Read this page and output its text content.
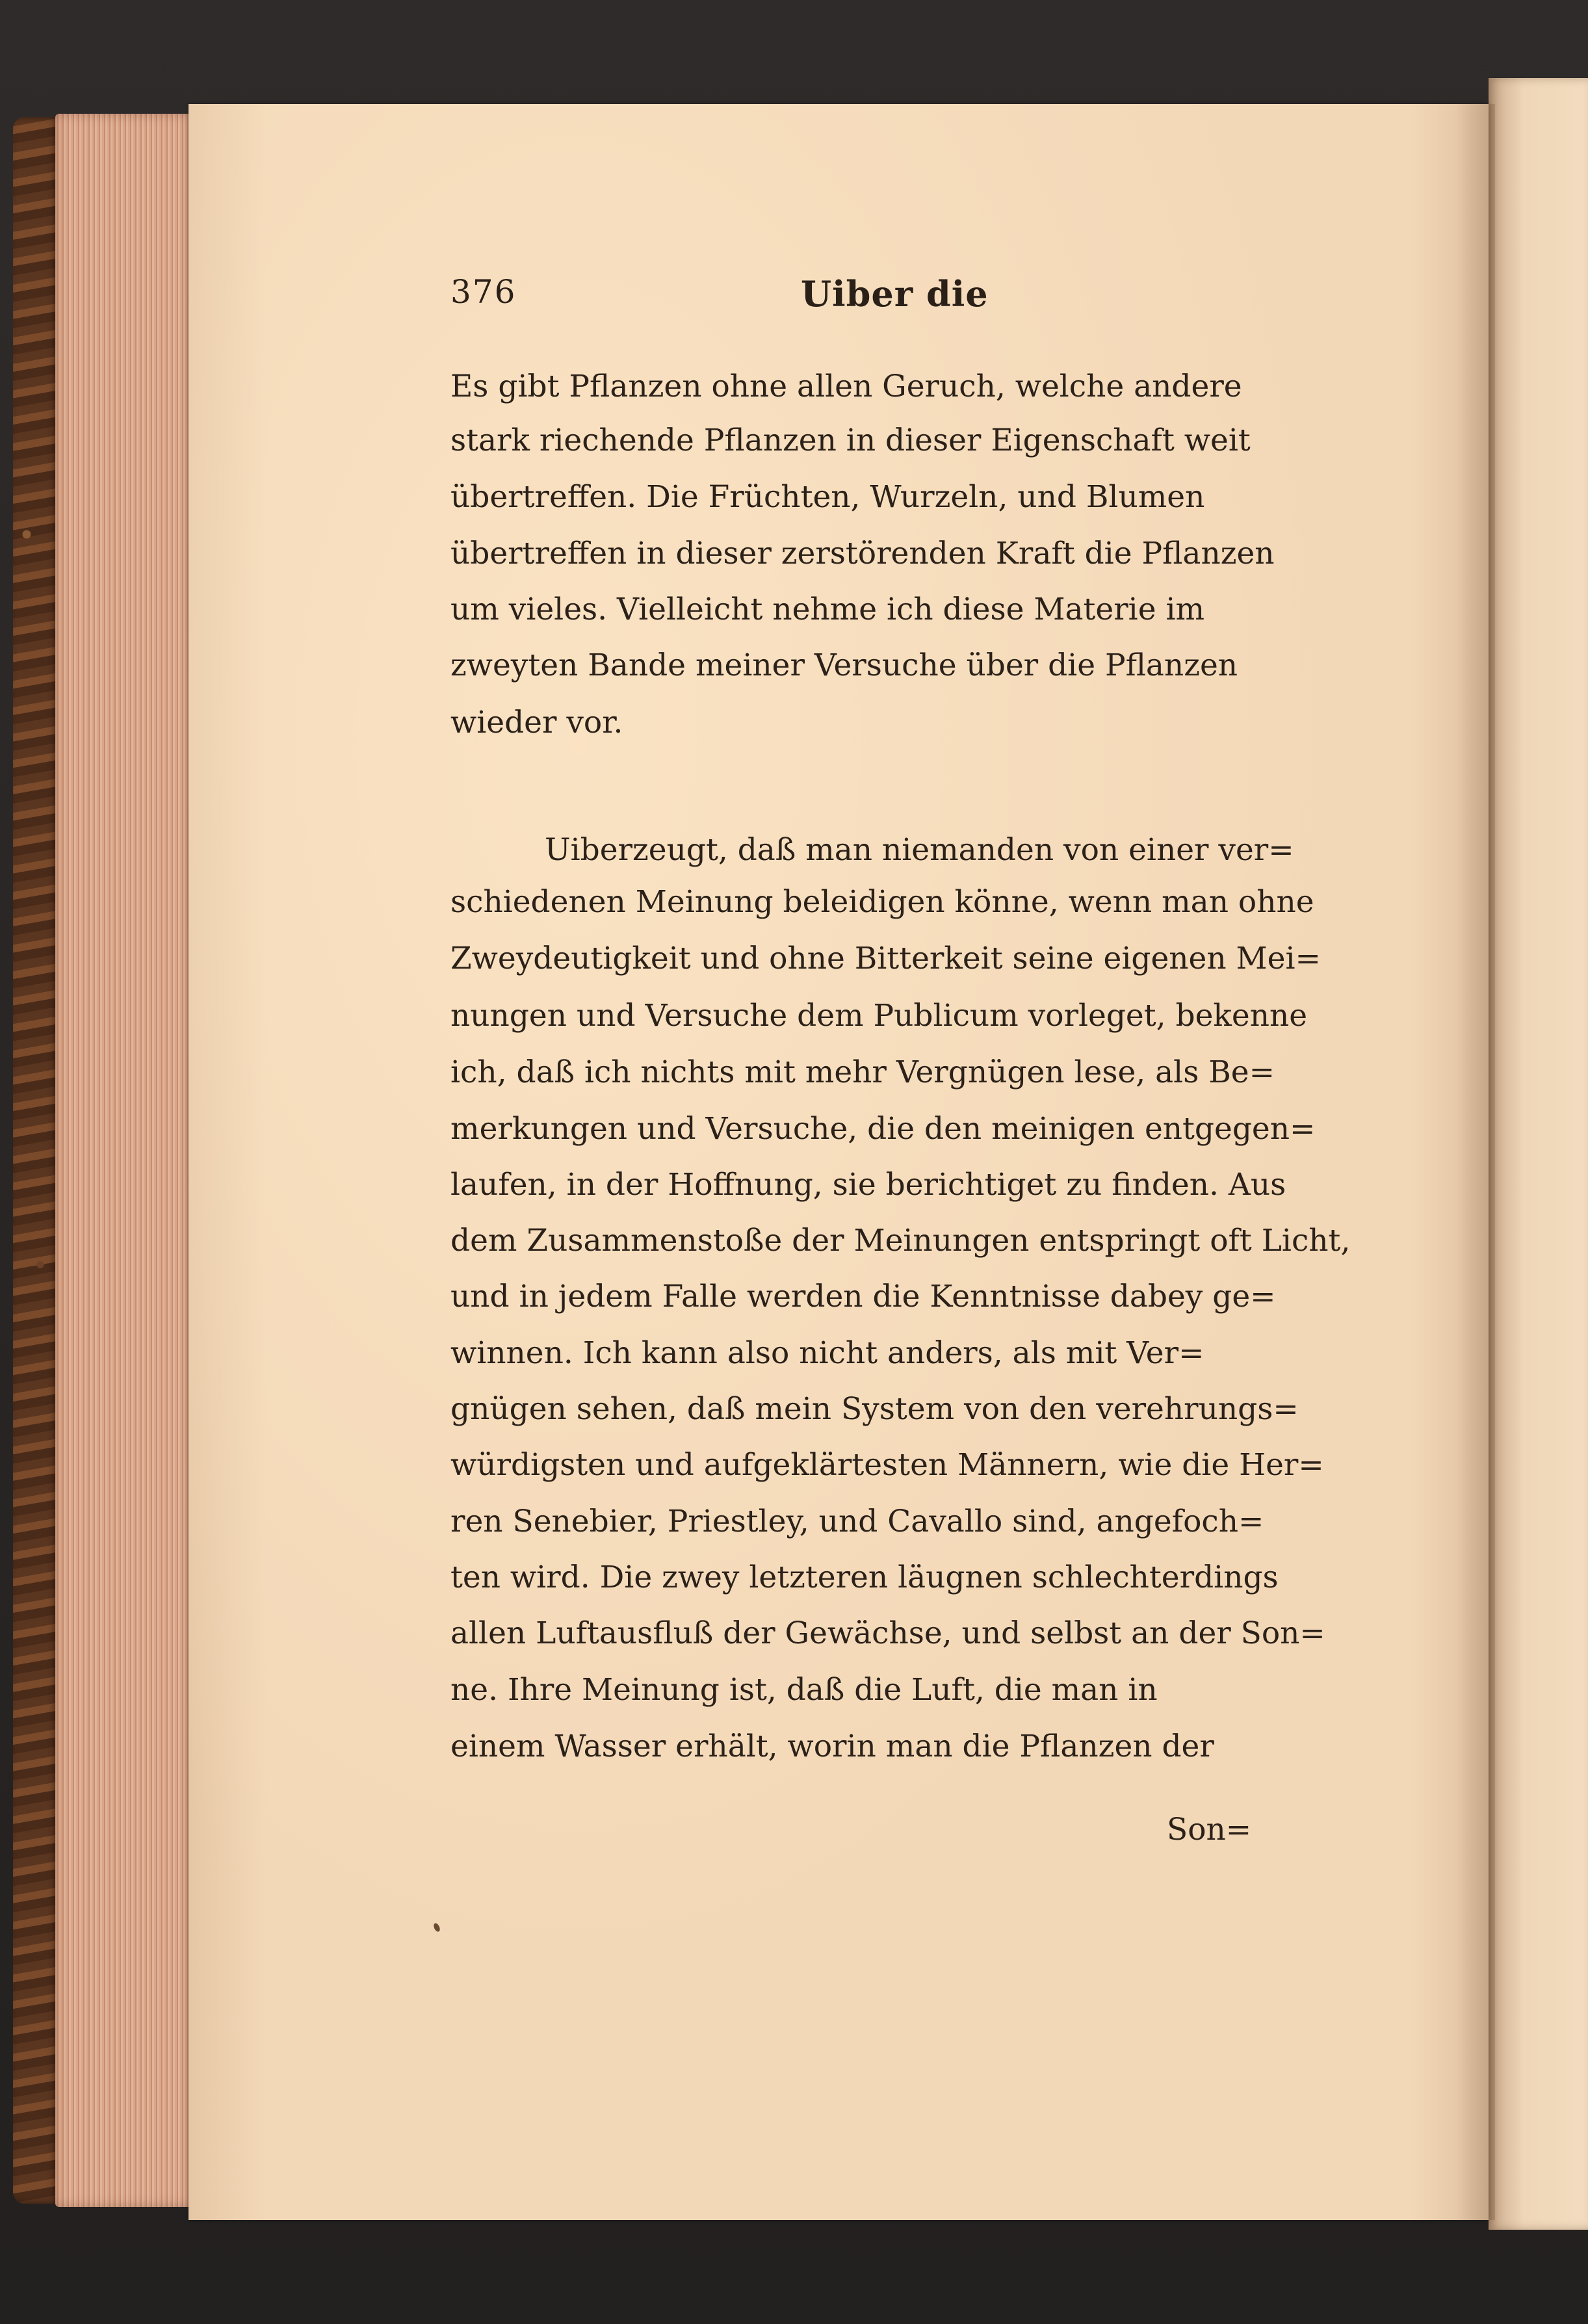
376	Uiber die
Es gibt Pflanzen ohne allen Geruch, welche andere
stark riechende Pflanzen in dieser Eigenschaft weit
übertreffen. Die Früchten, Wurzeln, und Blumen
übertreffen in dieser zerstörenden Kraft die Pflanzen
um vieles. Vielleicht nehme ich diese Materie im
zweyten Bande meiner Versuche über die Pflanzen
wieder vor.
Uiberzeugt, daß man niemanden von einer ver=
schiedenen Meinung beleidigen könne, wenn man ohne
Zweydeutigkeit und ohne Bitterkeit seine eigenen Mei=
nungen und Versuche dem Publicum vorleget, bekenne
ich, daß ich nichts mit mehr Vergnügen lese, als Be=
merkungen und Versuche, die den meinigen entgegen=
laufen, in der Hoffnung, sie berichtiget zu finden. Aus
dem Zusammenstoße der Meinungen entspringt oft Licht,
und in jedem Falle werden die Kenntnisse dabey ge=
winnen. Ich kann also nicht anders, als mit Ver=
gnügen sehen, daß mein System von den verehrungs=
würdigsten und aufgeklärtesten Männern, wie die Her=
ren Senebier, Priestley, und Cavallo sind, angefoch=
ten wird. Die zwey letzteren läugnen schlechterdings
allen Luftausfluß der Gewächse, und selbst an der Son=
ne. Ihre Meinung ist, daß die Luft, die man in
einem Wasser erhält, worin man die Pflanzen der
Son=
